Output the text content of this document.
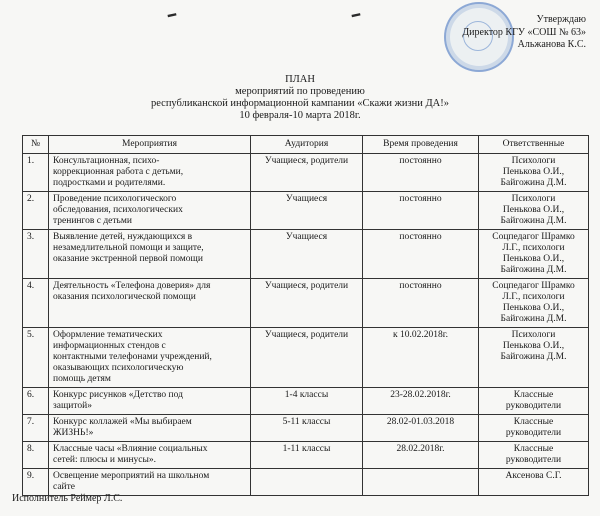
━	━	Утверждаю
Директор КГУ «СОШ № 63»
Альжанова К.С.
ПЛАН
мероприятий по проведению
республиканской информационной кампании «Скажи жизни ДА!»
10 февраля-10 марта 2018г.
№	Мероприятия	Аудитория	Время проведения	Ответственные
1.	Консультационная, психо-
коррекционная работа с детьми,
подростками и родителями.	Учащиеся, родители	постоянно	Психологи
Пенькова О.И.,
Байгожина Д.М.

2.	Проведение психологического
обследования, психологических
тренингов с детьми	Учащиеся	постоянно	Психологи
Пенькова О.И.,
Байгожина Д.М.

3.	Выявление детей, нуждающихся в
незамедлительной помощи и защите,
оказание экстренной первой помощи	Учащиеся	постоянно	Соцпедагог Шрамко
Л.Г., психологи
Пенькова О.И.,
Байгожина Д.М.

4.	Деятельность «Телефона доверия» для
оказания психологической помощи	Учащиеся, родители	постоянно	Соцпедагог Шрамко
Л.Г., психологи
Пенькова О.И.,
Байгожина Д.М.

5.	Оформление тематических
информационных стендов с
контактными телефонами учреждений,
оказывающих психологическую
помощь детям	Учащиеся, родители	к 10.02.2018г.	Психологи
Пенькова О.И.,
Байгожина Д.М.

6.	Конкурс рисунков «Детство под
защитой»	1-4 классы	23-28.02.2018г.	Классные
руководители

7.	Конкурс коллажей «Мы выбираем
ЖИЗНЬ!»	5-11 классы	28.02-01.03.2018	Классные
руководители

8.	Классные часы «Влияние социальных
сетей: плюсы и минусы».	1-11 классы	28.02.2018г.	Классные
руководители

9.	Освещение мероприятий на школьном
сайте			Аксенова С.Г.
Исполнитель Реймер Л.С.
